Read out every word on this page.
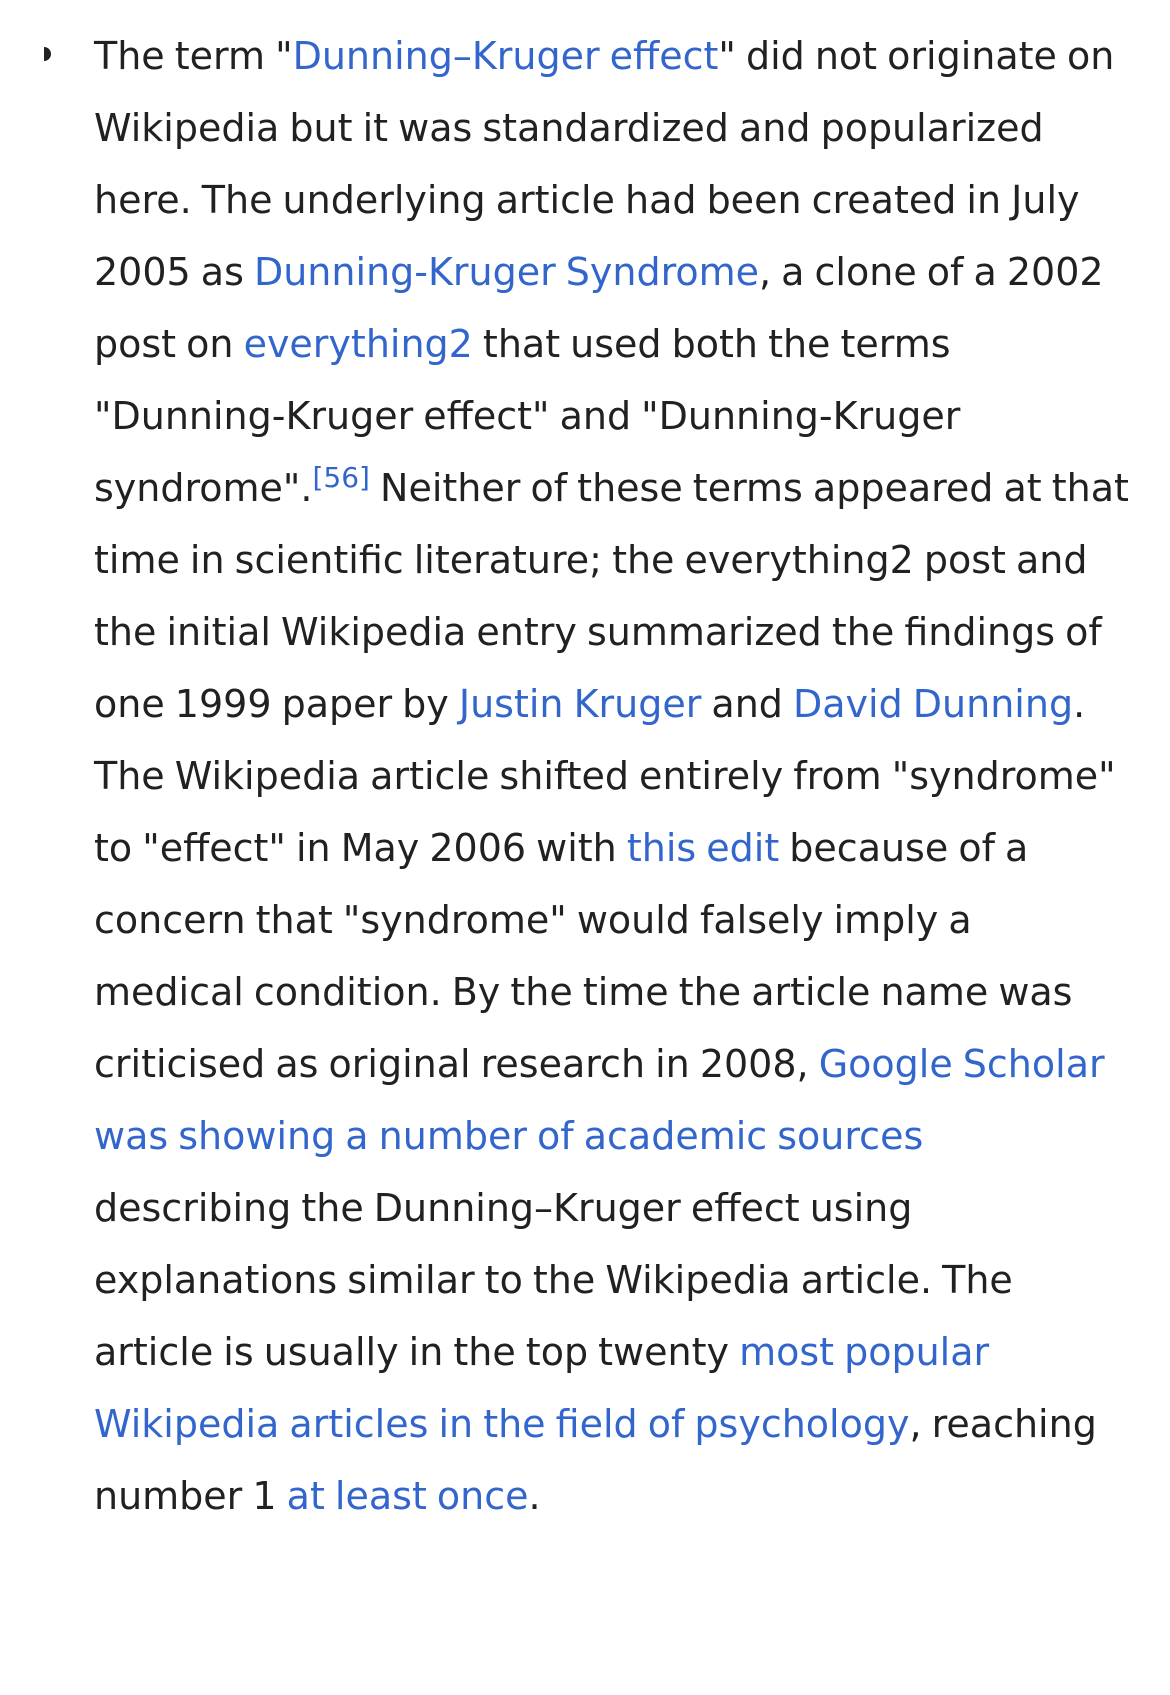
The term "Dunning–Kruger effect" did not originate on Wikipedia but it was standardized and popularized here. The underlying article had been created in July 2005 as Dunning-Kruger Syndrome, a clone of a 2002 post on everything2 that used both the terms "Dunning-Kruger effect" and "Dunning-Kruger syndrome".[56] Neither of these terms appeared at that time in scientific literature; the everything2 post and the initial Wikipedia entry summarized the findings of one 1999 paper by Justin Kruger and David Dunning. The Wikipedia article shifted entirely from "syndrome" to "effect" in May 2006 with this edit because of a concern that "syndrome" would falsely imply a medical condition. By the time the article name was criticised as original research in 2008, Google Scholar was showing a number of academic sources describing the Dunning–Kruger effect using explanations similar to the Wikipedia article. The article is usually in the top twenty most popular Wikipedia articles in the field of psychology, reaching number 1 at least once.
